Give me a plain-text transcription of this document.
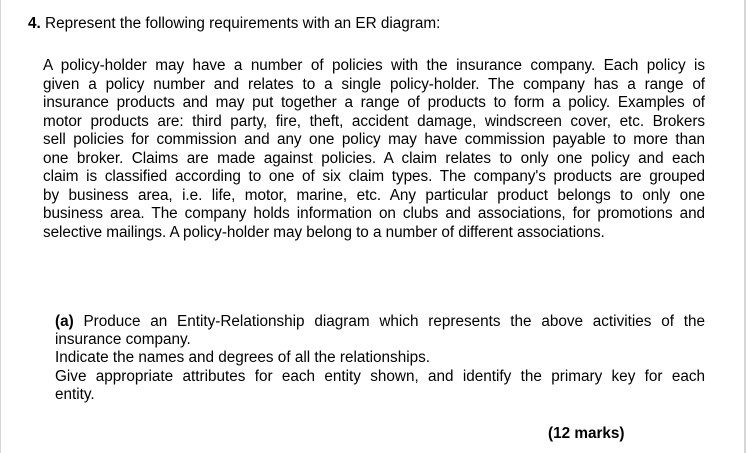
4. Represent the following requirements with an ER diagram:
A policy-holder may have a number of policies with the insurance company. Each policy is
given a policy number and relates to a single policy-holder. The company has a range of
insurance products and may put together a range of products to form a policy. Examples of
motor products are: third party, fire, theft, accident damage, windscreen cover, etc. Brokers
sell policies for commission and any one policy may have commission payable to more than
one broker. Claims are made against policies. A claim relates to only one policy and each
claim is classified according to one of six claim types. The company's products are grouped
by business area, i.e. life, motor, marine, etc. Any particular product belongs to only one
business area. The company holds information on clubs and associations, for promotions and
selective mailings. A policy-holder may belong to a number of different associations.
(a) Produce an Entity-Relationship diagram which represents the above activities of the
insurance company.
Indicate the names and degrees of all the relationships.
Give appropriate attributes for each entity shown, and identify the primary key for each
entity.
(12 marks)
